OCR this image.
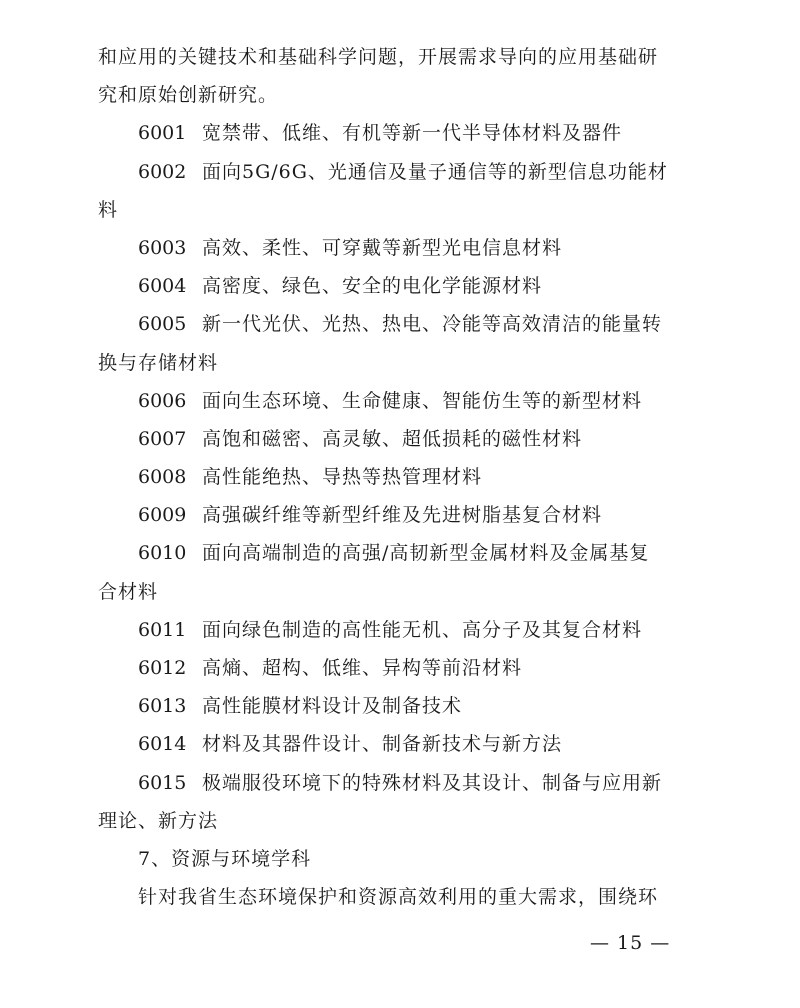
和应用的关键技术和基础科学问题，开展需求导向的应用基础研
究和原始创新研究。
6001 宽禁带、低维、有机等新一代半导体材料及器件
6002 面向5G/6G、光通信及量子通信等的新型信息功能材
料
6003 高效、柔性、可穿戴等新型光电信息材料
6004 高密度、绿色、安全的电化学能源材料
6005 新一代光伏、光热、热电、冷能等高效清洁的能量转
换与存储材料
6006 面向生态环境、生命健康、智能仿生等的新型材料
6007 高饱和磁密、高灵敏、超低损耗的磁性材料
6008 高性能绝热、导热等热管理材料
6009 高强碳纤维等新型纤维及先进树脂基复合材料
6010 面向高端制造的高强/高韧新型金属材料及金属基复
合材料
6011 面向绿色制造的高性能无机、高分子及其复合材料
6012 高熵、超构、低维、异构等前沿材料
6013 高性能膜材料设计及制备技术
6014 材料及其器件设计、制备新技术与新方法
6015 极端服役环境下的特殊材料及其设计、制备与应用新
理论、新方法
7、资源与环境学科
针对我省生态环境保护和资源高效利用的重大需求，围绕环
— 15 —
